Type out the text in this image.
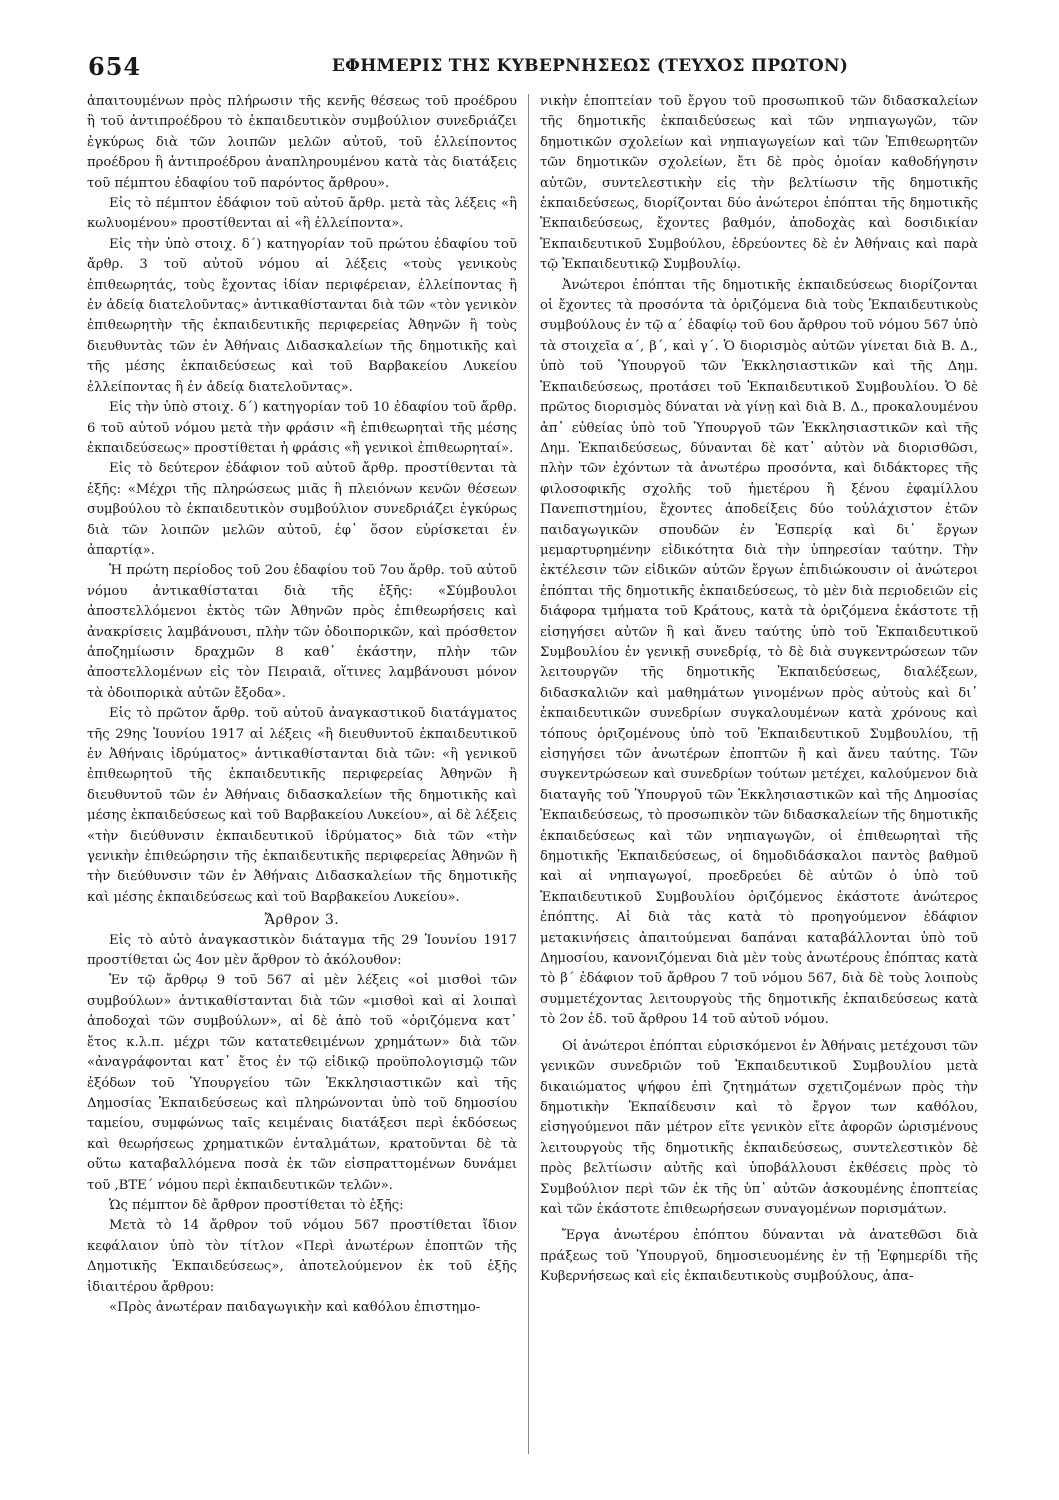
654	ΕΦΗΜΕΡΙΣ ΤΗΣ ΚΥΒΕΡΝΗΣΕΩΣ (ΤΕΥΧΟΣ ΠΡΩΤΟΝ)

ἀπαιτουμένων πρὸς πλήρωσιν τῆς κενῆς θέσεως τοῦ προέδρου ἢ τοῦ ἀντιπροέδρου τὸ ἐκπαιδευτικὸν συμβούλιον συνεδριάζει ἐγκύρως διὰ τῶν λοιπῶν μελῶν αὐτοῦ, τοῦ ἐλλείποντος προέδρου ἢ ἀντιπροέδρου ἀναπληρουμένου κατὰ τὰς διατάξεις τοῦ πέμπτου ἐδαφίου τοῦ παρόντος ἄρθρου».

Εἰς τὸ πέμπτον ἐδάφιον τοῦ αὐτοῦ ἄρθρ. μετὰ τὰς λέξεις «ἢ κωλυομένου» προστίθενται αἱ «ἢ ἐλλείποντα».

Εἰς τὴν ὑπὸ στοιχ. δ΄) κατηγορίαν τοῦ πρώτου ἐδαφίου τοῦ ἄρθρ. 3 τοῦ αὐτοῦ νόμου αἱ λέξεις «τοὺς γενικοὺς ἐπιθεωρητάς, τοὺς ἔχοντας ἰδίαν περιφέρειαν, ἐλλείποντας ἢ ἐν ἀδείᾳ διατελοῦντας» ἀντικαθίστανται διὰ τῶν «τὸν γενικὸν ἐπιθεωρητὴν τῆς ἐκπαιδευτικῆς περιφερείας Ἀθηνῶν ἢ τοὺς διευθυντὰς τῶν ἐν Ἀθήναις Διδασκαλείων τῆς δημοτικῆς καὶ τῆς μέσης ἐκπαιδεύσεως καὶ τοῦ Βαρβακείου Λυκείου ἐλλείποντας ἢ ἐν ἀδείᾳ διατελοῦντας».

Εἰς τὴν ὑπὸ στοιχ. δ΄) κατηγορίαν τοῦ 10 ἐδαφίου τοῦ ἄρθρ. 6 τοῦ αὐτοῦ νόμου μετὰ τὴν φράσιν «ἢ ἐπιθεωρηταὶ τῆς μέσης ἐκπαιδεύσεως» προστίθεται ἡ φράσις «ἢ γενικοὶ ἐπιθεωρηταί».

Εἰς τὸ δεύτερον ἐδάφιον τοῦ αὐτοῦ ἄρθρ. προστίθενται τὰ ἑξῆς: «Μέχρι τῆς πληρώσεως μιᾶς ἢ πλειόνων κενῶν θέσεων συμβούλου τὸ ἐκπαιδευτικὸν συμβούλιον συνεδριάζει ἐγκύρως διὰ τῶν λοιπῶν μελῶν αὐτοῦ, ἐφ᾽ ὅσον εὑρίσκεται ἐν ἀπαρτίᾳ».

Ἡ πρώτη περίοδος τοῦ 2ου ἐδαφίου τοῦ 7ου ἄρθρ. τοῦ αὐτοῦ νόμου ἀντικαθίσταται διὰ τῆς ἑξῆς: «Σύμβουλοι ἀποστελλόμενοι ἐκτὸς τῶν Ἀθηνῶν πρὸς ἐπιθεωρήσεις καὶ ἀνακρίσεις λαμβάνουσι, πλὴν τῶν ὁδοιπορικῶν, καὶ πρόσθετον ἀποζημίωσιν δραχμῶν 8 καθ᾽ ἑκάστην, πλὴν τῶν ἀποστελλομένων εἰς τὸν Πειραιᾶ, οἵτινες λαμβάνουσι μόνον τὰ ὁδοιπορικὰ αὐτῶν ἔξοδα».

Εἰς τὸ πρῶτον ἄρθρ. τοῦ αὐτοῦ ἀναγκαστικοῦ διατάγματος τῆς 29ης Ἰουνίου 1917 αἱ λέξεις «ἢ διευθυντοῦ ἐκπαιδευτικοῦ ἐν Ἀθήναις ἱδρύματος» ἀντικαθίστανται διὰ τῶν: «ἢ γενικοῦ ἐπιθεωρητοῦ τῆς ἐκπαιδευτικῆς περιφερείας Ἀθηνῶν ἢ διευθυντοῦ τῶν ἐν Ἀθήναις διδασκαλείων τῆς δημοτικῆς καὶ μέσης ἐκπαιδεύσεως καὶ τοῦ Βαρβακείου Λυκείου», αἱ δὲ λέξεις «τὴν διεύθυνσιν ἐκπαιδευτικοῦ ἱδρύματος» διὰ τῶν «τὴν γενικὴν ἐπιθεώρησιν τῆς ἐκπαιδευτικῆς περιφερείας Ἀθηνῶν ἢ τὴν διεύθυνσιν τῶν ἐν Ἀθήναις Διδασκαλείων τῆς δημοτικῆς καὶ μέσης ἐκπαιδεύσεως καὶ τοῦ Βαρβακείου Λυκείου».

Ἄρθρον 3.

Εἰς τὸ αὐτὸ ἀναγκαστικὸν διάταγμα τῆς 29 Ἰουνίου 1917 προστίθεται ὡς 4ον μὲν ἄρθρον τὸ ἀκόλουθον:

Ἐν τῷ ἄρθρῳ 9 τοῦ 567 αἱ μὲν λέξεις «οἱ μισθοὶ τῶν συμβούλων» ἀντικαθίστανται διὰ τῶν «μισθοὶ καὶ αἱ λοιπαὶ ἀποδοχαὶ τῶν συμβούλων», αἱ δὲ ἀπὸ τοῦ «ὁριζόμενα κατ᾽ ἔτος κ.λ.π. μέχρι τῶν κατατεθειμένων χρημάτων» διὰ τῶν «ἀναγράφονται κατ᾽ ἔτος ἐν τῷ εἰδικῷ προϋπολογισμῷ τῶν ἐξόδων τοῦ Ὑπουργείου τῶν Ἐκκλησιαστικῶν καὶ τῆς Δημοσίας Ἐκπαιδεύσεως καὶ πληρώνονται ὑπὸ τοῦ δημοσίου ταμείου, συμφώνως ταῖς κειμέναις διατάξεσι περὶ ἐκδόσεως καὶ θεωρήσεως χρηματικῶν ἐνταλμάτων, κρατοῦνται δὲ τὰ οὕτω καταβαλλόμενα ποσὰ ἐκ τῶν εἰσπραττομένων δυνάμει τοῦ ,ΒΤΕ΄ νόμου περὶ ἐκπαιδευτικῶν τελῶν».

Ὡς πέμπτον δὲ ἄρθρον προστίθεται τὸ ἑξῆς:

Μετὰ τὸ 14 ἄρθρον τοῦ νόμου 567 προστίθεται ἴδιον κεφάλαιον ὑπὸ τὸν τίτλον «Περὶ ἀνωτέρων ἐποπτῶν τῆς Δημοτικῆς Ἐκπαιδεύσεως», ἀποτελούμενον ἐκ τοῦ ἑξῆς ἰδιαιτέρου ἄρθρου:

«Πρὸς ἀνωτέραν παιδαγωγικὴν καὶ καθόλου ἐπιστημο-

νικὴν ἐποπτείαν τοῦ ἔργου τοῦ προσωπικοῦ τῶν διδασκαλείων τῆς δημοτικῆς ἐκπαιδεύσεως καὶ τῶν νηπιαγωγῶν, τῶν δημοτικῶν σχολείων καὶ νηπιαγωγείων καὶ τῶν Ἐπιθεωρητῶν τῶν δημοτικῶν σχολείων, ἔτι δὲ πρὸς ὁμοίαν καθοδήγησιν αὐτῶν, συντελεστικὴν εἰς τὴν βελτίωσιν τῆς δημοτικῆς ἐκπαιδεύσεως, διορίζονται δύο ἀνώτεροι ἐπόπται τῆς δημοτικῆς Ἐκπαιδεύσεως, ἔχοντες βαθμόν, ἀποδοχὰς καὶ δοσιδικίαν Ἐκπαιδευτικοῦ Συμβούλου, ἑδρεύοντες δὲ ἐν Ἀθήναις καὶ παρὰ τῷ Ἐκπαιδευτικῷ Συμβουλίῳ.

Ἀνώτεροι ἐπόπται τῆς δημοτικῆς ἐκπαιδεύσεως διορίζονται οἱ ἔχοντες τὰ προσόντα τὰ ὁριζόμενα διὰ τοὺς Ἐκπαιδευτικοὺς συμβούλους ἐν τῷ α΄ ἐδαφίῳ τοῦ 6ου ἄρθρου τοῦ νόμου 567 ὑπὸ τὰ στοιχεῖα α΄, β΄, καὶ γ΄. Ὁ διορισμὸς αὐτῶν γίνεται διὰ Β. Δ., ὑπὸ τοῦ Ὑπουργοῦ τῶν Ἐκκλησιαστικῶν καὶ τῆς Δημ. Ἐκπαιδεύσεως, προτάσει τοῦ Ἐκπαιδευτικοῦ Συμβουλίου. Ὁ δὲ πρῶτος διορισμὸς δύναται νὰ γίνῃ καὶ διὰ Β. Δ., προκαλουμένου ἀπ᾽ εὐθείας ὑπὸ τοῦ Ὑπουργοῦ τῶν Ἐκκλησιαστικῶν καὶ τῆς Δημ. Ἐκπαιδεύσεως, δύνανται δὲ κατ᾽ αὐτὸν νὰ διορισθῶσι, πλὴν τῶν ἐχόντων τὰ ἀνωτέρω προσόντα, καὶ διδάκτορες τῆς φιλοσοφικῆς σχολῆς τοῦ ἡμετέρου ἢ ξένου ἐφαμίλλου Πανεπιστημίου, ἔχοντες ἀποδείξεις δύο τοὐλάχιστον ἐτῶν παιδαγωγικῶν σπουδῶν ἐν Ἑσπερίᾳ καὶ δι᾽ ἔργων μεμαρτυρημένην εἰδικότητα διὰ τὴν ὑπηρεσίαν ταύτην. Τὴν ἐκτέλεσιν τῶν εἰδικῶν αὐτῶν ἔργων ἐπιδιώκουσιν οἱ ἀνώτεροι ἐπόπται τῆς δημοτικῆς ἐκπαιδεύσεως, τὸ μὲν διὰ περιοδειῶν εἰς διάφορα τμήματα τοῦ Κράτους, κατὰ τὰ ὁριζόμενα ἑκάστοτε τῇ εἰσηγήσει αὐτῶν ἢ καὶ ἄνευ ταύτης ὑπὸ τοῦ Ἐκπαιδευτικοῦ Συμβουλίου ἐν γενικῇ συνεδρίᾳ, τὸ δὲ διὰ συγκεντρώσεων τῶν λειτουργῶν τῆς δημοτικῆς Ἐκπαιδεύσεως, διαλέξεων, διδασκαλιῶν καὶ μαθημάτων γινομένων πρὸς αὐτοὺς καὶ δι᾽ ἐκπαιδευτικῶν συνεδρίων συγκαλουμένων κατὰ χρόνους καὶ τόπους ὁριζομένους ὑπὸ τοῦ Ἐκπαιδευτικοῦ Συμβουλίου, τῇ εἰσηγήσει τῶν ἀνωτέρων ἐποπτῶν ἢ καὶ ἄνευ ταύτης. Τῶν συγκεντρώσεων καὶ συνεδρίων τούτων μετέχει, καλούμενον διὰ διαταγῆς τοῦ Ὑπουργοῦ τῶν Ἐκκλησιαστικῶν καὶ τῆς Δημοσίας Ἐκπαιδεύσεως, τὸ προσωπικὸν τῶν διδασκαλείων τῆς δημοτικῆς ἐκπαιδεύσεως καὶ τῶν νηπιαγωγῶν, οἱ ἐπιθεωρηταὶ τῆς δημοτικῆς Ἐκπαιδεύσεως, οἱ δημοδιδάσκαλοι παντὸς βαθμοῦ καὶ αἱ νηπιαγωγοί, προεδρεύει δὲ αὐτῶν ὁ ὑπὸ τοῦ Ἐκπαιδευτικοῦ Συμβουλίου ὁριζόμενος ἑκάστοτε ἀνώτερος ἐπόπτης. Αἱ διὰ τὰς κατὰ τὸ προηγούμενον ἐδάφιον μετακινήσεις ἀπαιτούμεναι δαπάναι καταβάλλονται ὑπὸ τοῦ Δημοσίου, κανονιζόμεναι διὰ μὲν τοὺς ἀνωτέρους ἐπόπτας κατὰ τὸ β΄ ἐδάφιον τοῦ ἄρθρου 7 τοῦ νόμου 567, διὰ δὲ τοὺς λοιποὺς συμμετέχοντας λειτουργοὺς τῆς δημοτικῆς ἐκπαιδεύσεως κατὰ τὸ 2ον ἐδ. τοῦ ἄρθρου 14 τοῦ αὐτοῦ νόμου.

Οἱ ἀνώτεροι ἐπόπται εὑρισκόμενοι ἐν Ἀθήναις μετέχουσι τῶν γενικῶν συνεδριῶν τοῦ Ἐκπαιδευτικοῦ Συμβουλίου μετὰ δικαιώματος ψήφου ἐπὶ ζητημάτων σχετιζομένων πρὸς τὴν δημοτικὴν Ἐκπαίδευσιν καὶ τὸ ἔργον των καθόλου, εἰσηγούμενοι πᾶν μέτρον εἴτε γενικὸν εἴτε ἀφορῶν ὡρισμένους λειτουργοὺς τῆς δημοτικῆς ἐκπαιδεύσεως, συντελεστικὸν δὲ πρὸς βελτίωσιν αὐτῆς καὶ ὑποβάλλουσι ἐκθέσεις πρὸς τὸ Συμβούλιον περὶ τῶν ἐκ τῆς ὑπ᾽ αὐτῶν ἀσκουμένης ἐποπτείας καὶ τῶν ἑκάστοτε ἐπιθεωρήσεων συναγομένων πορισμάτων.

Ἔργα ἀνωτέρου ἐπόπτου δύνανται νὰ ἀνατεθῶσι διὰ πράξεως τοῦ Ὑπουργοῦ, δημοσιευομένης ἐν τῇ Ἐφημερίδι τῆς Κυβερνήσεως καὶ εἰς ἐκπαιδευτικοὺς συμβούλους, ἀπα-
